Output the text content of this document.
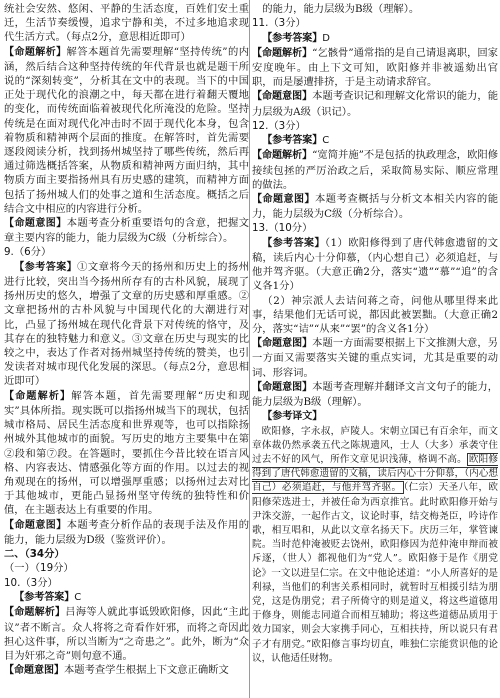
统社会安然、悠闲、平静的生活态度，百姓们安土重迁，生活节奏缓慢，追求宁静和美，不过多地追求现代生活方式。（每点2分，意思相近即可）

【命题解析】解答本题首先需要理解“坚持传统”的内涵，然后结合这种坚持传统的年代背景也就是题干所说的“深刻转变”，分析其在文中的表现。当下的中国正处于现代化的浪潮之中，每天都在进行着翻天覆地的变化，而传统面临着被现代化所淹没的危险。坚持传统是在面对现代化冲击时不固于现代化本身，包含着物质和精神两个层面的推度。在解答时，首先需要逐段阅读分析，找到扬州城坚持了哪些传统，然后再通过筛选概括答案，从物质和精神两方面归纳，其中物质方面主要指扬州具有历史感的建筑，而精神方面包括了扬州城人们的处事之道和生活态度。概括之后结合文中相应的内容进行分析。

【命题意图】本题考查分析重要语句的含意，把握文章主要内容的能力，能力层级为C级（分析综合）。

9.（6分）

【参考答案】①文章将今天的扬州和历史上的扬州进行比较，突出当今扬州所存有的古朴风貌，展现了扬州历史的悠久，增强了文章的历史感和厚重感。②文章把扬州的古朴风貌与中国现代化的大潮进行对比，凸显了扬州城在现代化背景下对传统的恪守，及其存在的独特魅力和意义。③文章在历史与现实的比较之中，表达了作者对扬州城坚持传统的赞美，也引发读者对城市现代化发展的深思。（每点2分，意思相近即可）

【命题解析】解答本题，首先需要理解“历史和现实”具体所指。现实既可以指扬州城当下的现状，包括城市格局、居民生活态度和世界观等，也可以指除扬州城外其他城市的面貌。写历史的地方主要集中在第②段和第⑦段。在答题时，要抓住今昔比较在语言风格、内容表达、情感强化等方面的作用。以过去的视角观现在的扬州，可以增强厚重感；以扬州过去对比于其他城市，更能凸显扬州坚守传统的独特性和价值，在主题表达上有重要的作用。

【命题意图】本题考查分析作品的表现手法及作用的能力，能力层级为D级（鉴赏评价）。

二、（34分）

（一）（19分）

10.（3分）

【参考答案】C

【命题解析】吕海等人就此事诋毁欧阳修，因此“主此议”者不断言。众人将将之奇看作奸邪，而将之奇因此担心这件事，所以当断为“之奇患之”。此外，断为“众目为奸邪之奇”则句意不通。

【命题意图】本题考查学生根据上下文意正确断文

的能力，能力层级为B级（理解）。

11.（3分）

【参考答案】D

【命题解析】“乞骸骨”通常指的是自己请退离职，回家安度晚年。由上下文可知，欧阳修并非被遥劾出官职，而是屡遭排挤，于是主动请求辞官。

【命题意图】本题考查识记和理解文化常识的能力，能力层级为A级（识记）。

12.（3分）

【参考答案】C

【命题解析】“宽简并施”不是包括的执政理念，欧阳修接续包拯的严厉治政之后，采取简易实际、顺应常理的做法。

【命题意图】本题考查概括与分析文本相关内容的能力，能力层级为C级（分析综合）。

13.（10分）

【参考答案】（1）欧阳修得到了唐代韩愈遗留的文稿，读后内心十分仰慕，（内心想自己）必须追赶，与他并驾齐驱。（大意正确2分，落实“遗”“慕”“追”的含义各1分）

（2）神宗派人去诘问蒋之奇，问他从哪里得来此事，结果他们无话可说，都因此被罢黜。（大意正确2分，落实“诘”“从来”“罢”的含义各1分）

【命题意图】本题一方面需要根据上下文推测大意，另一方面又需要落实关键的重点实词，尤其是重要的动词、形容词。

【命题意图】本题考查理解并翻译文言文句子的能力，能力层级为B级（理解）。

【参考译文】

欧阳修，字永叔，庐陵人。宋朝立国已有百余年，而文章体裁仍然承袭五代之陈规遗风，士人（大多）承袭守住过去不好的风气，所作文章见识浅薄，格调不高。 欧阳修得到了唐代韩愈遗留的文稿，读后内心十分仰慕，（内心想自己）必须追赶，与他并驾齐驱。 （仁宗）天圣八年，欧阳修荣选进士，并被任命为西京推官。此时欧阳修开始与尹洙交游，一起作古文，议论时事，结交梅尧臣，吟诗作歌，相互唱和，从此以文章名扬天下。庆历三年，掌管谏院。当时范仲淹被贬去饶州，欧阳修因为范仲淹申辩而被斥逐，（世人）都视他们为“党人”。欧阳修于是作《朋党论》一文以进呈仁宗。在文中他论述道：“小人所喜好的是利禄，当他们的利害关系相同时，就暂时互相援引结为朋党，这是伪朋党；君子所倚守的则是道义，将这些道德用于修身，则能志同道合而相互辅助；将这些道德品质用于效力国家，则会大家携手同心，互相扶持，所以说只有君子才有朋党。”欧阳修言事均切直，唯独仁宗能赏识他的论议，认他适任财物。
